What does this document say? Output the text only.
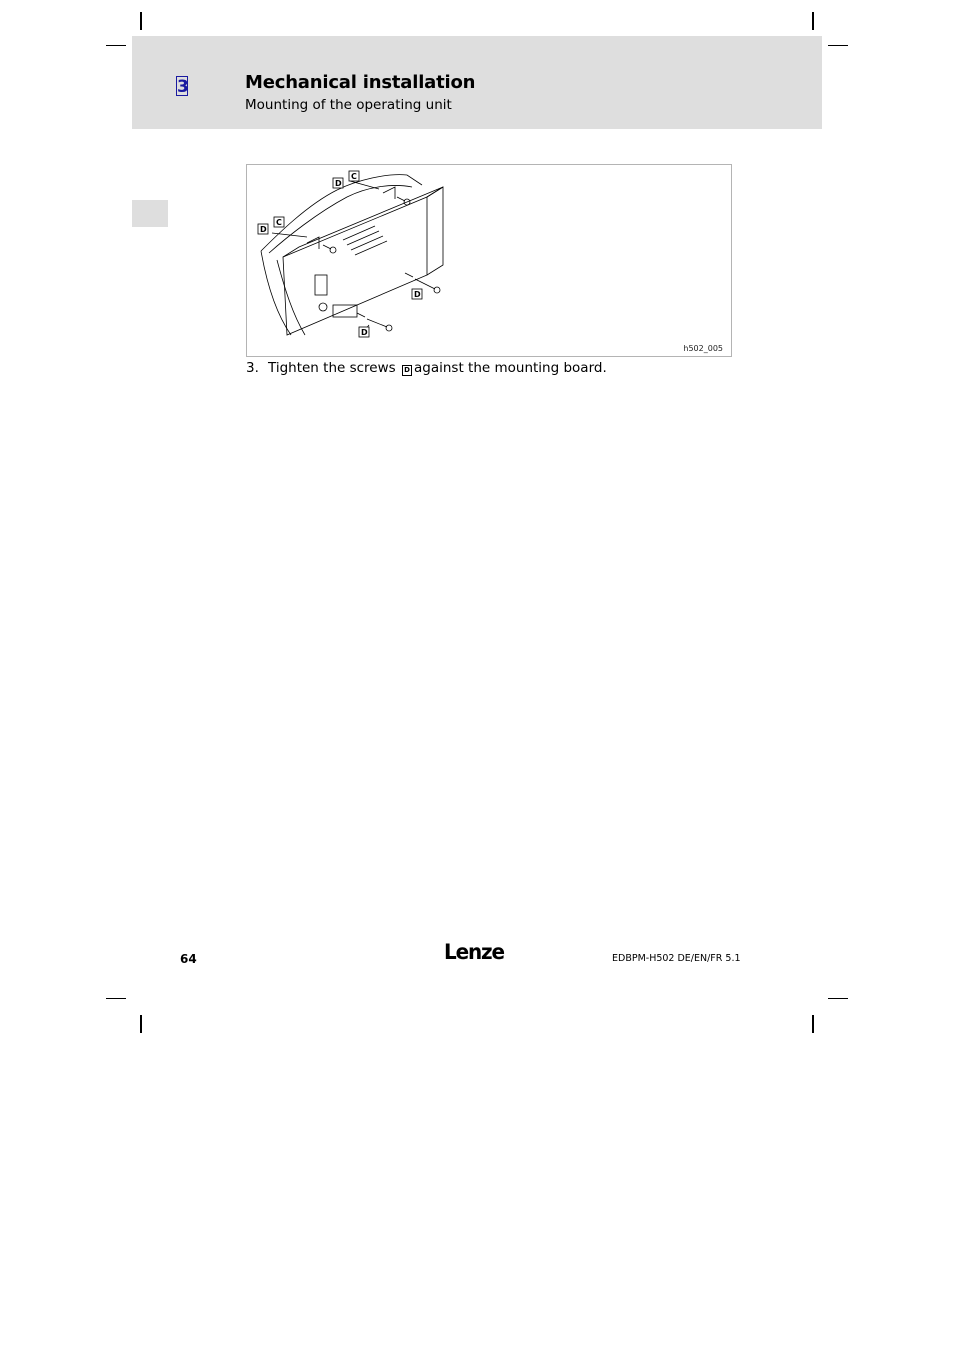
3	Mechanical installation
Mounting of the operating unit
D
C
D
C
D
D
h502_005
3. Tighten the screws D against the mounting board.
64	Lenze	EDBPM-H502 DE/EN/FR 5.1
